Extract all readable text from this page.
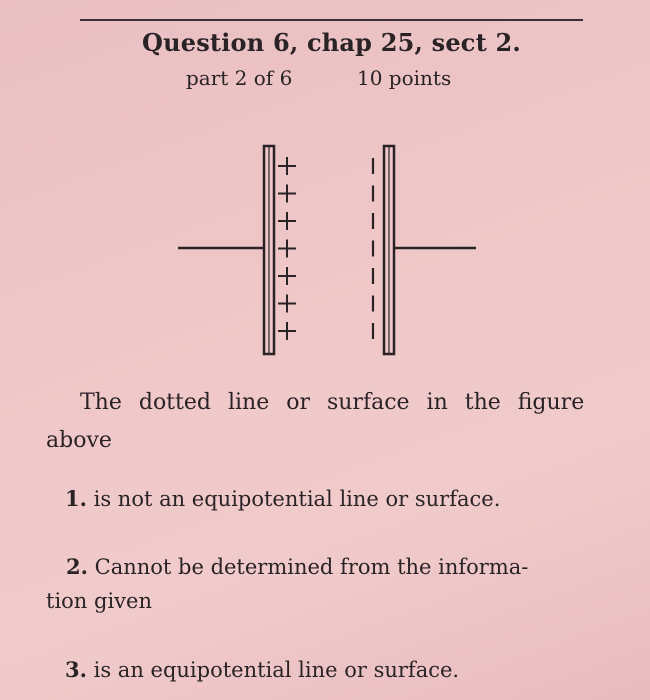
Question 6, chap 25, sect 2.
part 2 of 6	10 points
The dotted line or surface in the figure
above
1. is not an equipotential line or surface.
2. Cannot be determined from the informa-
tion given
3. is an equipotential line or surface.
